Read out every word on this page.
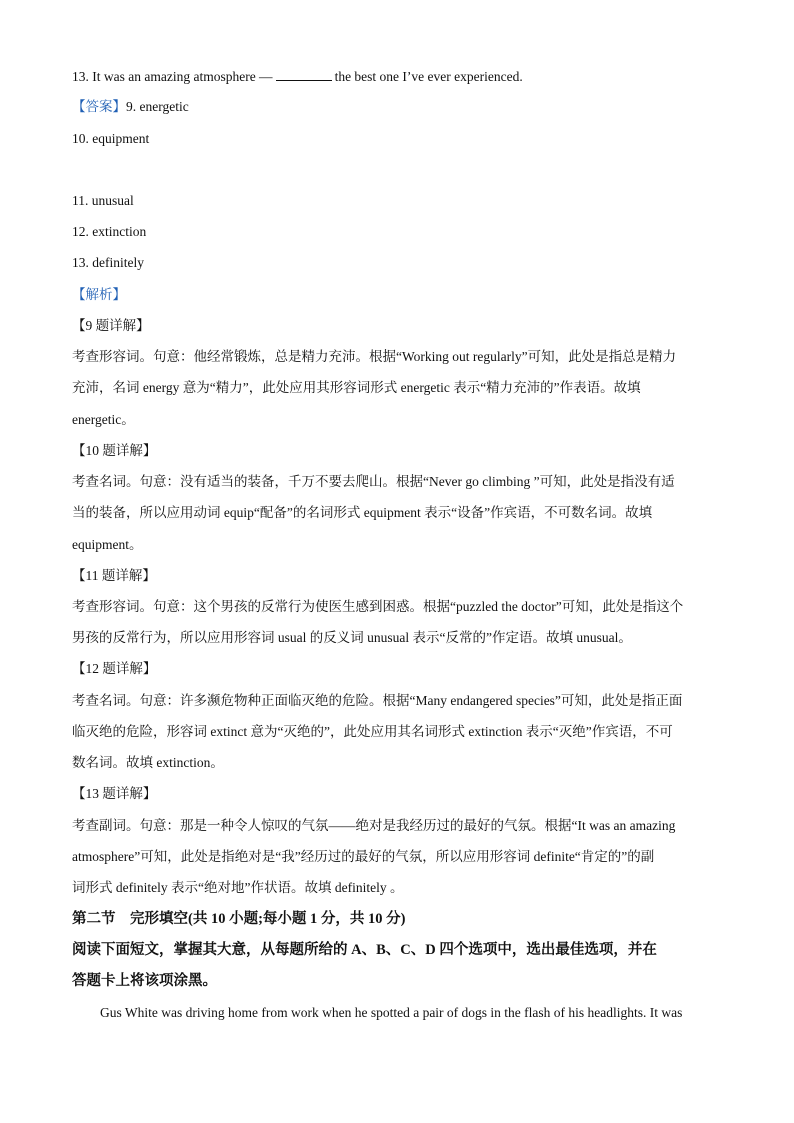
13. It was an amazing atmosphere —	the best one I’ve ever experienced.
【答案】9. energetic
10. equipment
11. unusual
12. extinction
13. definitely
【解析】
【9 题详解】
考查形容词。句意：他经常锻炼，总是精力充沛。根据“Working out regularly”可知，此处是指总是精力
充沛，名词 energy 意为“精力”，此处应用其形容词形式 energetic 表示“精力充沛的”作表语。故填
energetic。
【10 题详解】
考查名词。句意：没有适当的装备，千万不要去爬山。根据“Never go climbing ”可知，此处是指没有适
当的装备，所以应用动词 equip“配备”的名词形式 equipment 表示“设备”作宾语，不可数名词。故填
equipment。
【11 题详解】
考查形容词。句意：这个男孩的反常行为使医生感到困惑。根据“puzzled the doctor”可知，此处是指这个
男孩的反常行为，所以应用形容词 usual 的反义词 unusual 表示“反常的”作定语。故填 unusual。
【12 题详解】
考查名词。句意：许多濒危物种正面临灭绝的危险。根据“Many endangered species”可知，此处是指正面
临灭绝的危险，形容词 extinct 意为“灭绝的”，此处应用其名词形式 extinction 表示“灭绝”作宾语，不可
数名词。故填 extinction。
【13 题详解】
考查副词。句意：那是一种令人惊叹的气氛——绝对是我经历过的最好的气氛。根据“It was an amazing
atmosphere”可知，此处是指绝对是“我”经历过的最好的气氛，所以应用形容词 definite“肯定的”的副
词形式 definitely 表示“绝对地”作状语。故填 definitely 。
第二节　完形填空(共 10 小题;每小题 1 分，共 10 分)
阅读下面短文，掌握其大意，从每题所给的 A、B、C、D 四个选项中，选出最佳选项，并在
答题卡上将该项涂黑。
Gus White was driving home from work when he spotted a pair of dogs in the flash of his headlights. It was
